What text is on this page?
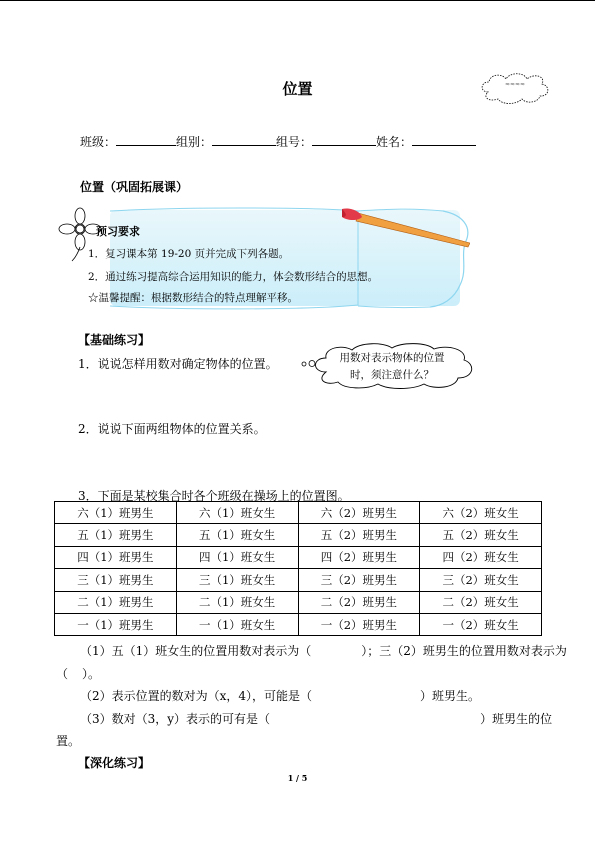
位置	≈≈≈≈
班级：	组别：	组号：	姓名：
位置（巩固拓展课）
预习要求
1．复习课本第 19-20 页并完成下列各题。
2．通过练习提高综合运用知识的能力，体会数形结合的思想。
☆温馨提醒：根据数形结合的特点理解平移。
【基础练习】
1．说说怎样用数对确定物体的位置。	用数对表示物体的位置
时，须注意什么？
2．说说下面两组物体的位置关系。
3．下面是某校集合时各个班级在操场上的位置图。
六（1）班男生	六（1）班女生	六（2）班男生	六（2）班女生
五（1）班男生	五（1）班女生	五（2）班男生	五（2）班女生
四（1）班男生	四（1）班女生	四（2）班男生	四（2）班女生
三（1）班男生	三（1）班女生	三（2）班男生	三（2）班女生
二（1）班男生	二（1）班女生	二（2）班男生	二（2）班女生
一（1）班男生	一（1）班女生	一（2）班男生	一（2）班女生
（1）五（1）班女生的位置用数对表示为（	）；三（2）班男生的位置用数对表示为
（ ）。
（2）表示位置的数对为（x，4），可能是（	）班男生。
（3）数对（3，y）表示的可有是（	）班男生的位
置。
【深化练习】
1 / 5
